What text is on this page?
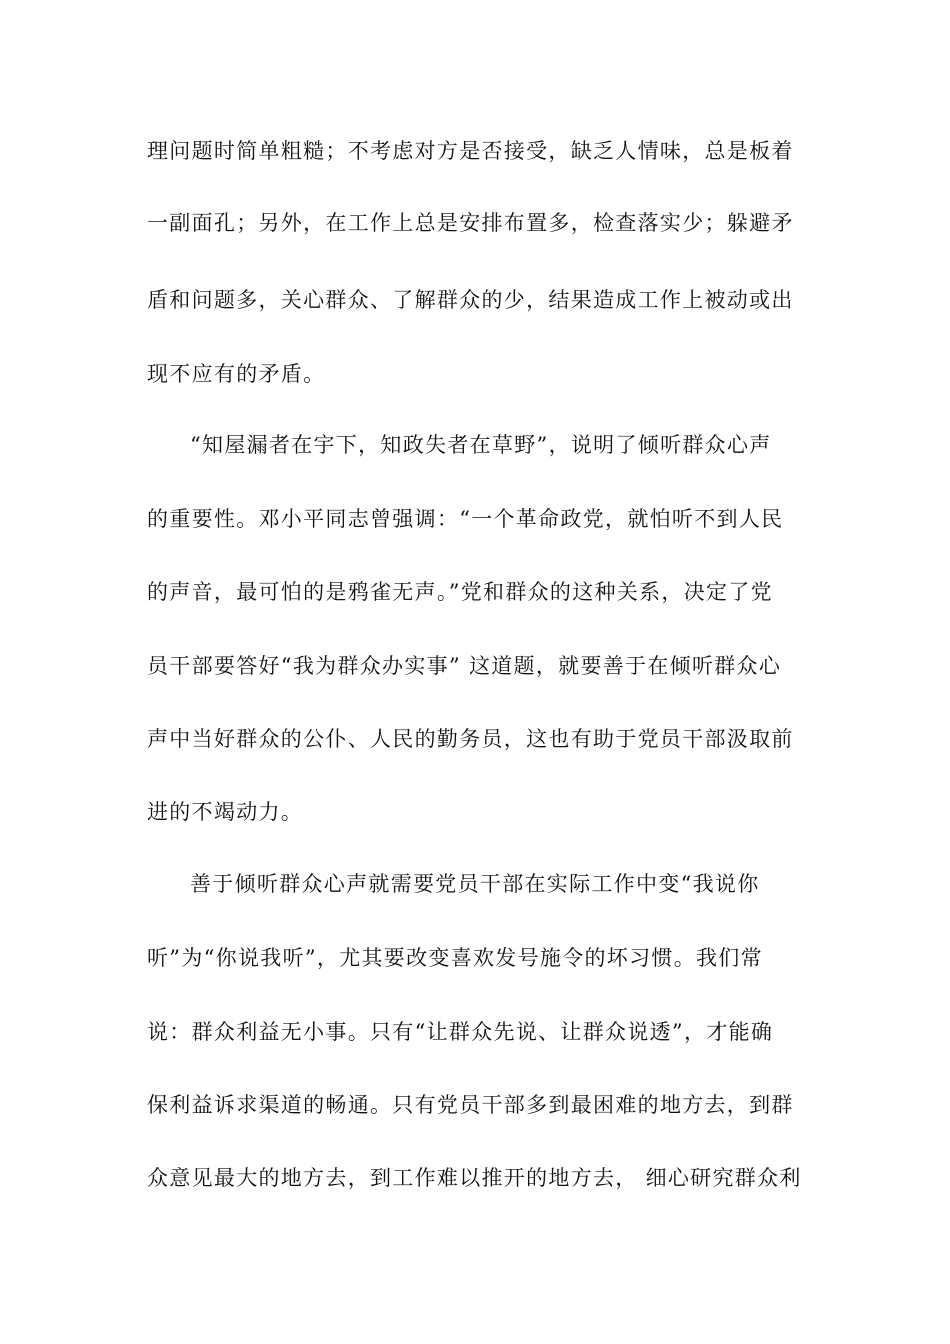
理问题时简单粗糙；不考虑对方是否接受，缺乏人情味，总是板着

一副面孔；另外，在工作上总是安排布置多，检查落实少；躲避矛

盾和问题多，关心群众、了解群众的少，结果造成工作上被动或出

现不应有的矛盾。

“知屋漏者在宇下，知政失者在草野”，说明了倾听群众心声

的重要性。邓小平同志曾强调：“一个革命政党，就怕听不到人民

的声音，最可怕的是鸦雀无声。”党和群众的这种关系，决定了党

员干部要答好“我为群众办实事” 这道题，就要善于在倾听群众心

声中当好群众的公仆、人民的勤务员，这也有助于党员干部汲取前

进的不竭动力。

善于倾听群众心声就需要党员干部在实际工作中变“我说你

听”为“你说我听”，尤其要改变喜欢发号施令的坏习惯。我们常

说：群众利益无小事。只有“让群众先说、让群众说透”，才能确

保利益诉求渠道的畅通。只有党员干部多到最困难的地方去，到群

众意见最大的地方去，到工作难以推开的地方去， 细心研究群众利
